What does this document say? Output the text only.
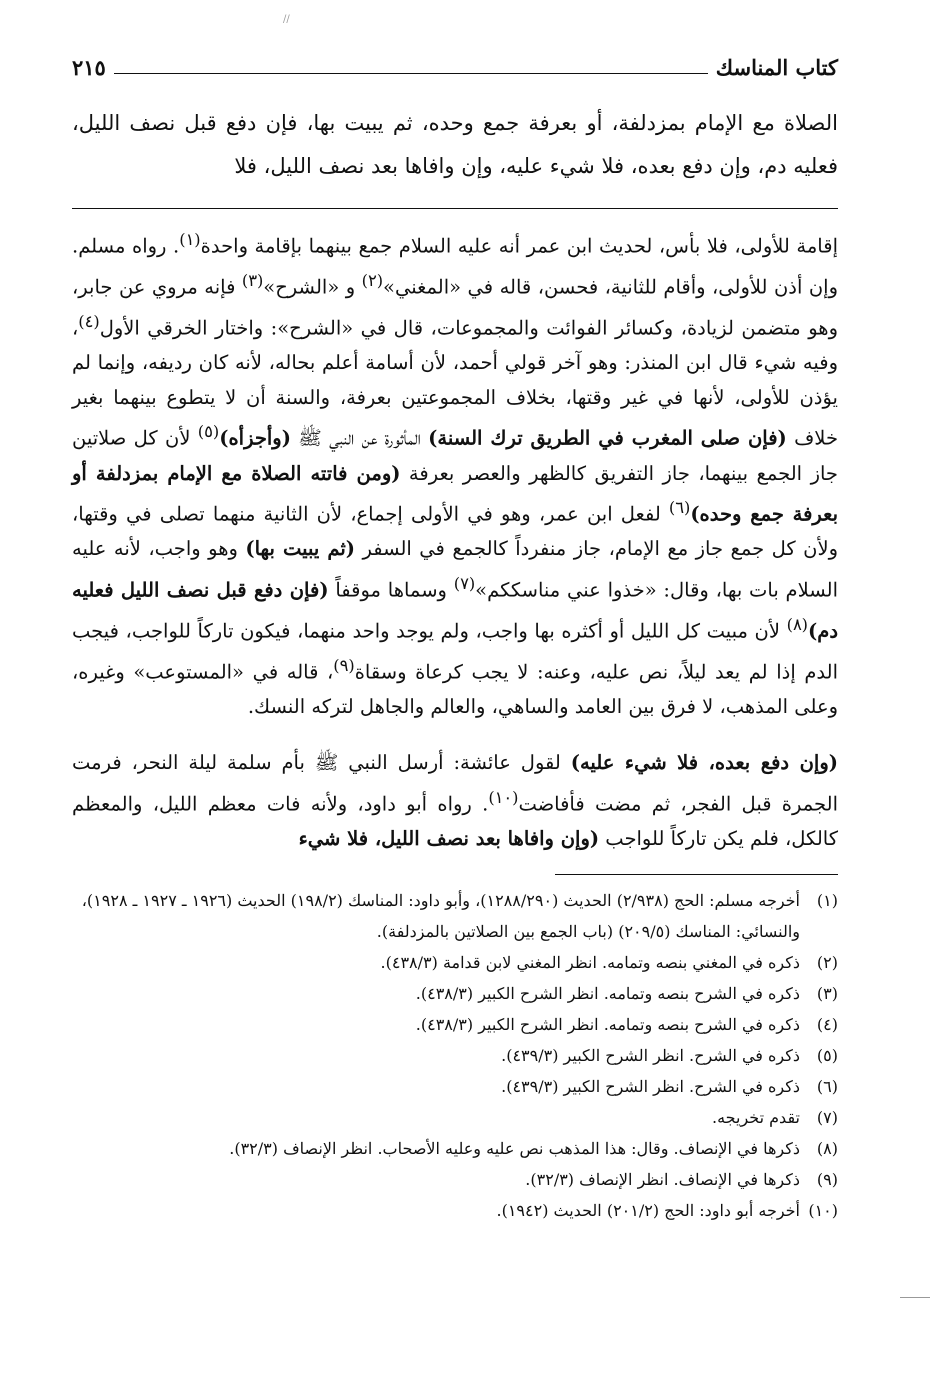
//
كتاب المناسك
٢١٥
الصلاة مع الإمام بمزدلفة، أو بعرفة جمع وحده، ثم يبيت بها، فإن دفع قبل نصف الليل، فعليه دم، وإن دفع بعده، فلا شيء عليه، وإن وافاها بعد نصف الليل، فلا
إقامة للأولى، فلا بأس، لحديث ابن عمر أنه عليه السلام جمع بينهما بإقامة واحدة$^{(١)}$. رواه مسلم. وإن أذن للأولى، وأقام للثانية، فحسن، قاله في «المغني»$^{(٢)}$ و «الشرح»$^{(٣)}$ فإنه مروي عن جابر، وهو متضمن لزيادة، وكسائر الفوائت والمجموعات، قال في «الشرح»: واختار الخرقي الأول$^{(٤)}$، وفيه شيء قال ابن المنذر: وهو آخر قولي أحمد، لأن أسامة أعلم بحاله، لأنه كان رديفه، وإنما لم يؤذن للأولى، لأنها في غير وقتها، بخلاف المجموعتين بعرفة، والسنة أن لا يتطوع بينهما بغير خلاف (فإن صلى المغرب في الطريق ترك السنة) المأثورة عن النبي ﷺ (وأجزأه)$^{(٥)}$ لأن كل صلاتين جاز الجمع بينهما، جاز التفريق كالظهر والعصر بعرفة (ومن فاتته الصلاة مع الإمام بمزدلفة أو بعرفة جمع وحده)$^{(٦)}$ لفعل ابن عمر، وهو في الأولى إجماع، لأن الثانية منهما تصلى في وقتها، ولأن كل جمع جاز مع الإمام، جاز منفرداً كالجمع في السفر (ثم يبيت بها) وهو واجب، لأنه عليه السلام بات بها، وقال: «خذوا عني مناسككم»$^{(٧)}$ وسماها موقفاً (فإن دفع قبل نصف الليل فعليه دم)$^{(٨)}$ لأن مبيت كل الليل أو أكثره بها واجب، ولم يوجد واحد منهما، فيكون تاركاً للواجب، فيجب الدم إذا لم يعد ليلاً، نص عليه، وعنه: لا يجب كرعاة وسقاة$^{(٩)}$، قاله في «المستوعب» وغيره، وعلى المذهب، لا فرق بين العامد والساهي، والعالم والجاهل لتركه النسك.
(وإن دفع بعده، فلا شيء عليه) لقول عائشة: أرسل النبي ﷺ بأم سلمة ليلة النحر، فرمت الجمرة قبل الفجر، ثم مضت فأفاضت$^{(١٠)}$. رواه أبو داود، ولأنه فات معظم الليل، والمعظم كالكل، فلم يكن تاركاً للواجب (وإن وافاها بعد نصف الليل، فلا شيء
(١)
أخرجه مسلم: الحج (٢/٩٣٨) الحديث (١٢٨٨/٢٩٠)، وأبو داود: المناسك (١٩٨/٢) الحديث (١٩٢٦ ـ ١٩٢٧ ـ ١٩٢٨)، والنسائي: المناسك (٢٠٩/٥) (باب الجمع بين الصلاتين بالمزدلفة).
(٢)
ذكره في المغني بنصه وتمامه. انظر المغني لابن قدامة (٤٣٨/٣).
(٣)
ذكره في الشرح بنصه وتمامه. انظر الشرح الكبير (٤٣٨/٣).
(٤)
ذكره في الشرح بنصه وتمامه. انظر الشرح الكبير (٤٣٨/٣).
(٥)
ذكره في الشرح. انظر الشرح الكبير (٤٣٩/٣).
(٦)
ذكره في الشرح. انظر الشرح الكبير (٤٣٩/٣).
(٧)
تقدم تخريجه.
(٨)
ذكرها في الإنصاف. وقال: هذا المذهب نص عليه وعليه الأصحاب. انظر الإنصاف (٣٢/٣).
(٩)
ذكرها في الإنصاف. انظر الإنصاف (٣٢/٣).
(١٠)
أخرجه أبو داود: الحج (٢٠١/٢) الحديث (١٩٤٢).
